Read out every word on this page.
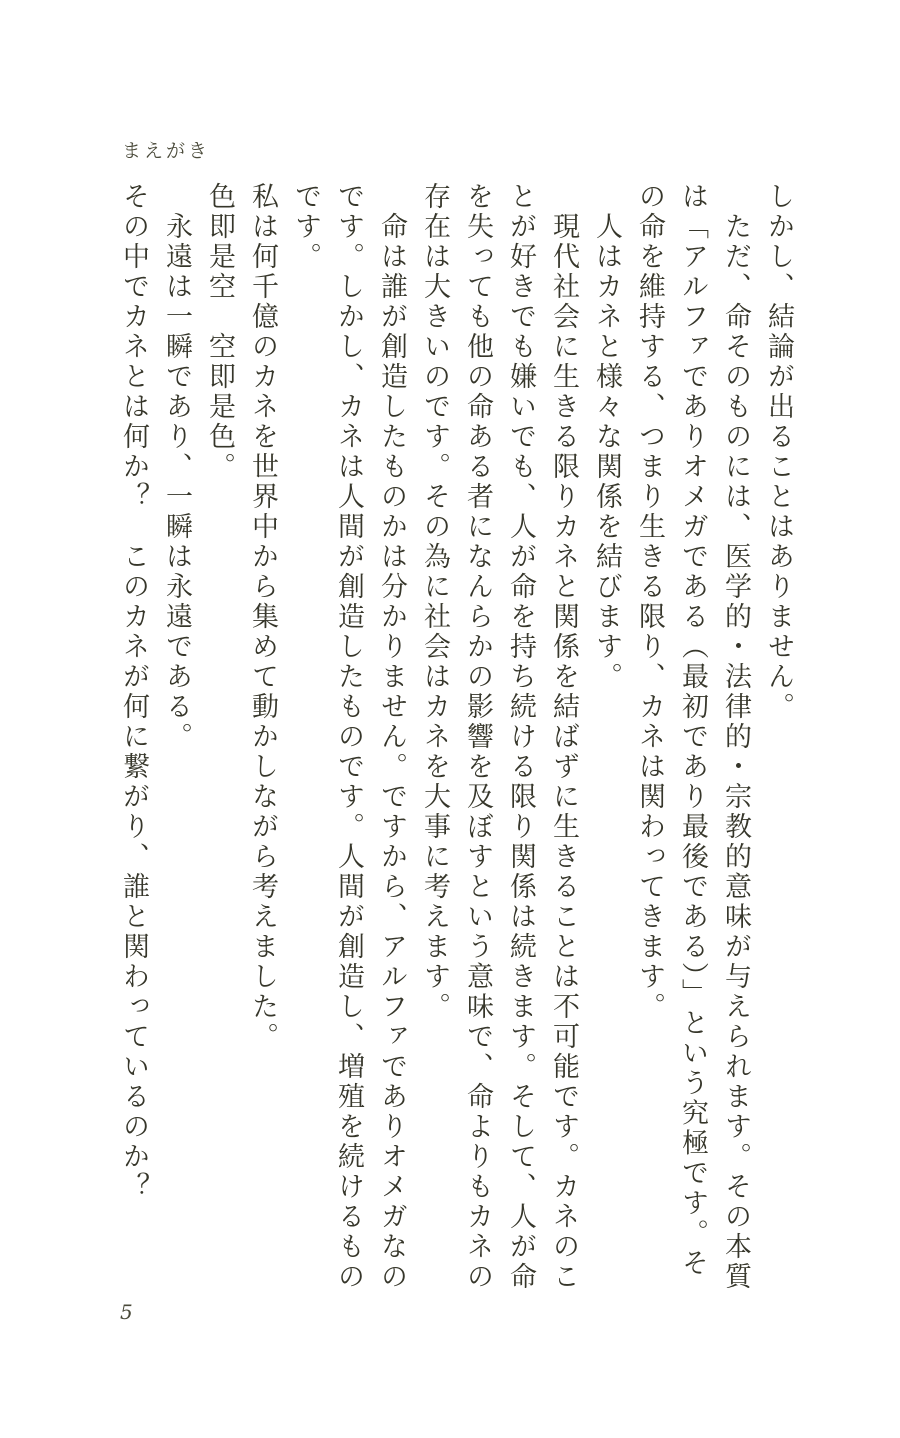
まえがき

しかし、結論が出ることはありません。

　ただ、命そのものには、医学的・法律的・宗教的意味が与えられます。その本質は「アルファでありオメガである（最初であり最後である）」という究極です。その命を維持する、つまり生きる限り、カネは関わってきます。

　人はカネと様々な関係を結びます。

　現代社会に生きる限りカネと関係を結ばずに生きることは不可能です。カネのことが好きでも嫌いでも、人が命を持ち続ける限り関係は続きます。そして、人が命を失っても他の命ある者になんらかの影響を及ぼすという意味で、命よりもカネの存在は大きいのです。その為に社会はカネを大事に考えます。

　命は誰が創造したものかは分かりません。ですから、アルファでありオメガなのです。しかし、カネは人間が創造したものです。人間が創造し、増殖を続けるものです。

私は何千億のカネを世界中から集めて動かしながら考えました。

色即是空　空即是色。

　永遠は一瞬であり、一瞬は永遠である。

その中でカネとは何か？　このカネが何に繋がり、誰と関わっているのか？

5
